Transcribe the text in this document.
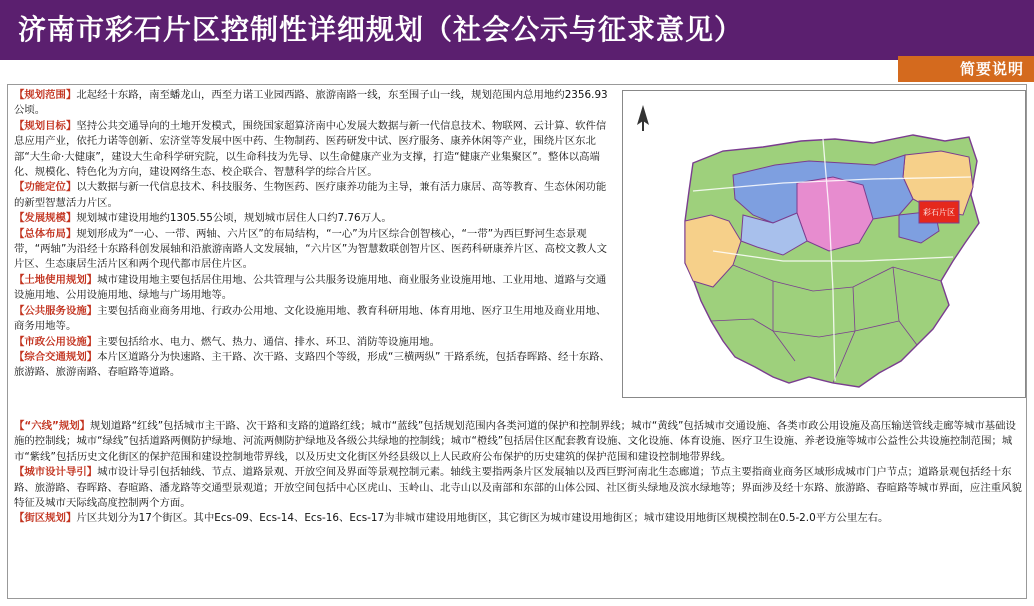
济南市彩石片区控制性详细规划（社会公示与征求意见）
简要说明

【规划范围】北起经十东路，南至蟠龙山，西至力诺工业园西路、旅游南路一线，东至围子山一线，规划范围内总用地约2356.93公顷。

【规划目标】坚持公共交通导向的土地开发模式，围绕国家超算济南中心发展大数据与新一代信息技术、物联网、云计算、软件信息应用产业，依托力诺等创新、宏济堂等发展中医中药、生物制药、医药研发中试、医疗服务、康养休闲等产业，围绕片区东北部“大生命·大健康”，建设大生命科学研究院，以生命科技为先导、以生命健康产业为支撑，打造“健康产业集聚区”。整体以高端化、规模化、特色化为方向，建设网络生态、校企联合、智慧科学的综合片区。

【功能定位】以大数据与新一代信息技术、科技服务、生物医药、医疗康养功能为主导，兼有活力康居、高等教育、生态休闲功能的新型智慧活力片区。

【发展规模】规划城市建设用地约1305.55公顷，规划城市居住人口约7.76万人。

【总体布局】规划形成为“一心、一带、两轴、六片区”的布局结构，“一心”为片区综合创智核心，“一带”为西巨野河生态景观带，“两轴”为沿经十东路科创发展轴和沿旅游南路人文发展轴，“六片区”为智慧数联创智片区、医药科研康养片区、高校文教人文片区、生态康居生活片区和两个现代都市居住片区。

【土地使用规划】城市建设用地主要包括居住用地、公共管理与公共服务设施用地、商业服务业设施用地、工业用地、道路与交通设施用地、公用设施用地、绿地与广场用地等。

【公共服务设施】主要包括商业商务用地、行政办公用地、文化设施用地、教育科研用地、体育用地、医疗卫生用地及商业用地、商务用地等。

【市政公用设施】主要包括给水、电力、燃气、热力、通信、排水、环卫、消防等设施用地。

【综合交通规划】本片区道路分为快速路、主干路、次干路、支路四个等级，形成“三横两纵” 干路系统，包括春晖路、经十东路、旅游路、旅游南路、春暄路等道路。

【“六线”规划】规划道路“红线”包括城市主干路、次干路和支路的道路红线；城市“蓝线”包括规划范围内各类河道的保护和控制界线；城市“黄线”包括城市交通设施、各类市政公用设施及高压输送管线走廊等城市基础设施的控制线；城市“绿线”包括道路两侧防护绿地、河流两侧防护绿地及各级公共绿地的控制线；城市“橙线”包括居住区配套教育设施、文化设施、体育设施、医疗卫生设施、养老设施等城市公益性公共设施控制范围；城市“紫线”包括历史文化街区的保护范围和建设控制地带界线，以及历史文化街区外经县级以上人民政府公布保护的历史建筑的保护范围和建设控制地带界线。

【城市设计导引】城市设计导引包括轴线、节点、道路景观、开放空间及界面等景观控制元素。轴线主要指两条片区发展轴以及西巨野河南北生态廊道；节点主要指商业商务区域形成城市门户节点；道路景观包括经十东路、旅游路、春晖路、春暄路、潘龙路等交通型景观道；开放空间包括中心区虎山、玉岭山、北寺山以及南部和东部的山体公园、社区街头绿地及滨水绿地等；界面涉及经十东路、旅游路、春暄路等城市界面，应注重风貌特征及城市天际线高度控制两个方面。

【街区规划】片区共划分为17个街区。其中Ecs-09、Ecs-14、Ecs-16、Ecs-17为非城市建设用地街区，其它街区为城市建设用地街区；城市建设用地街区规模控制在0.5-2.0平方公里左右。

彩石片区
